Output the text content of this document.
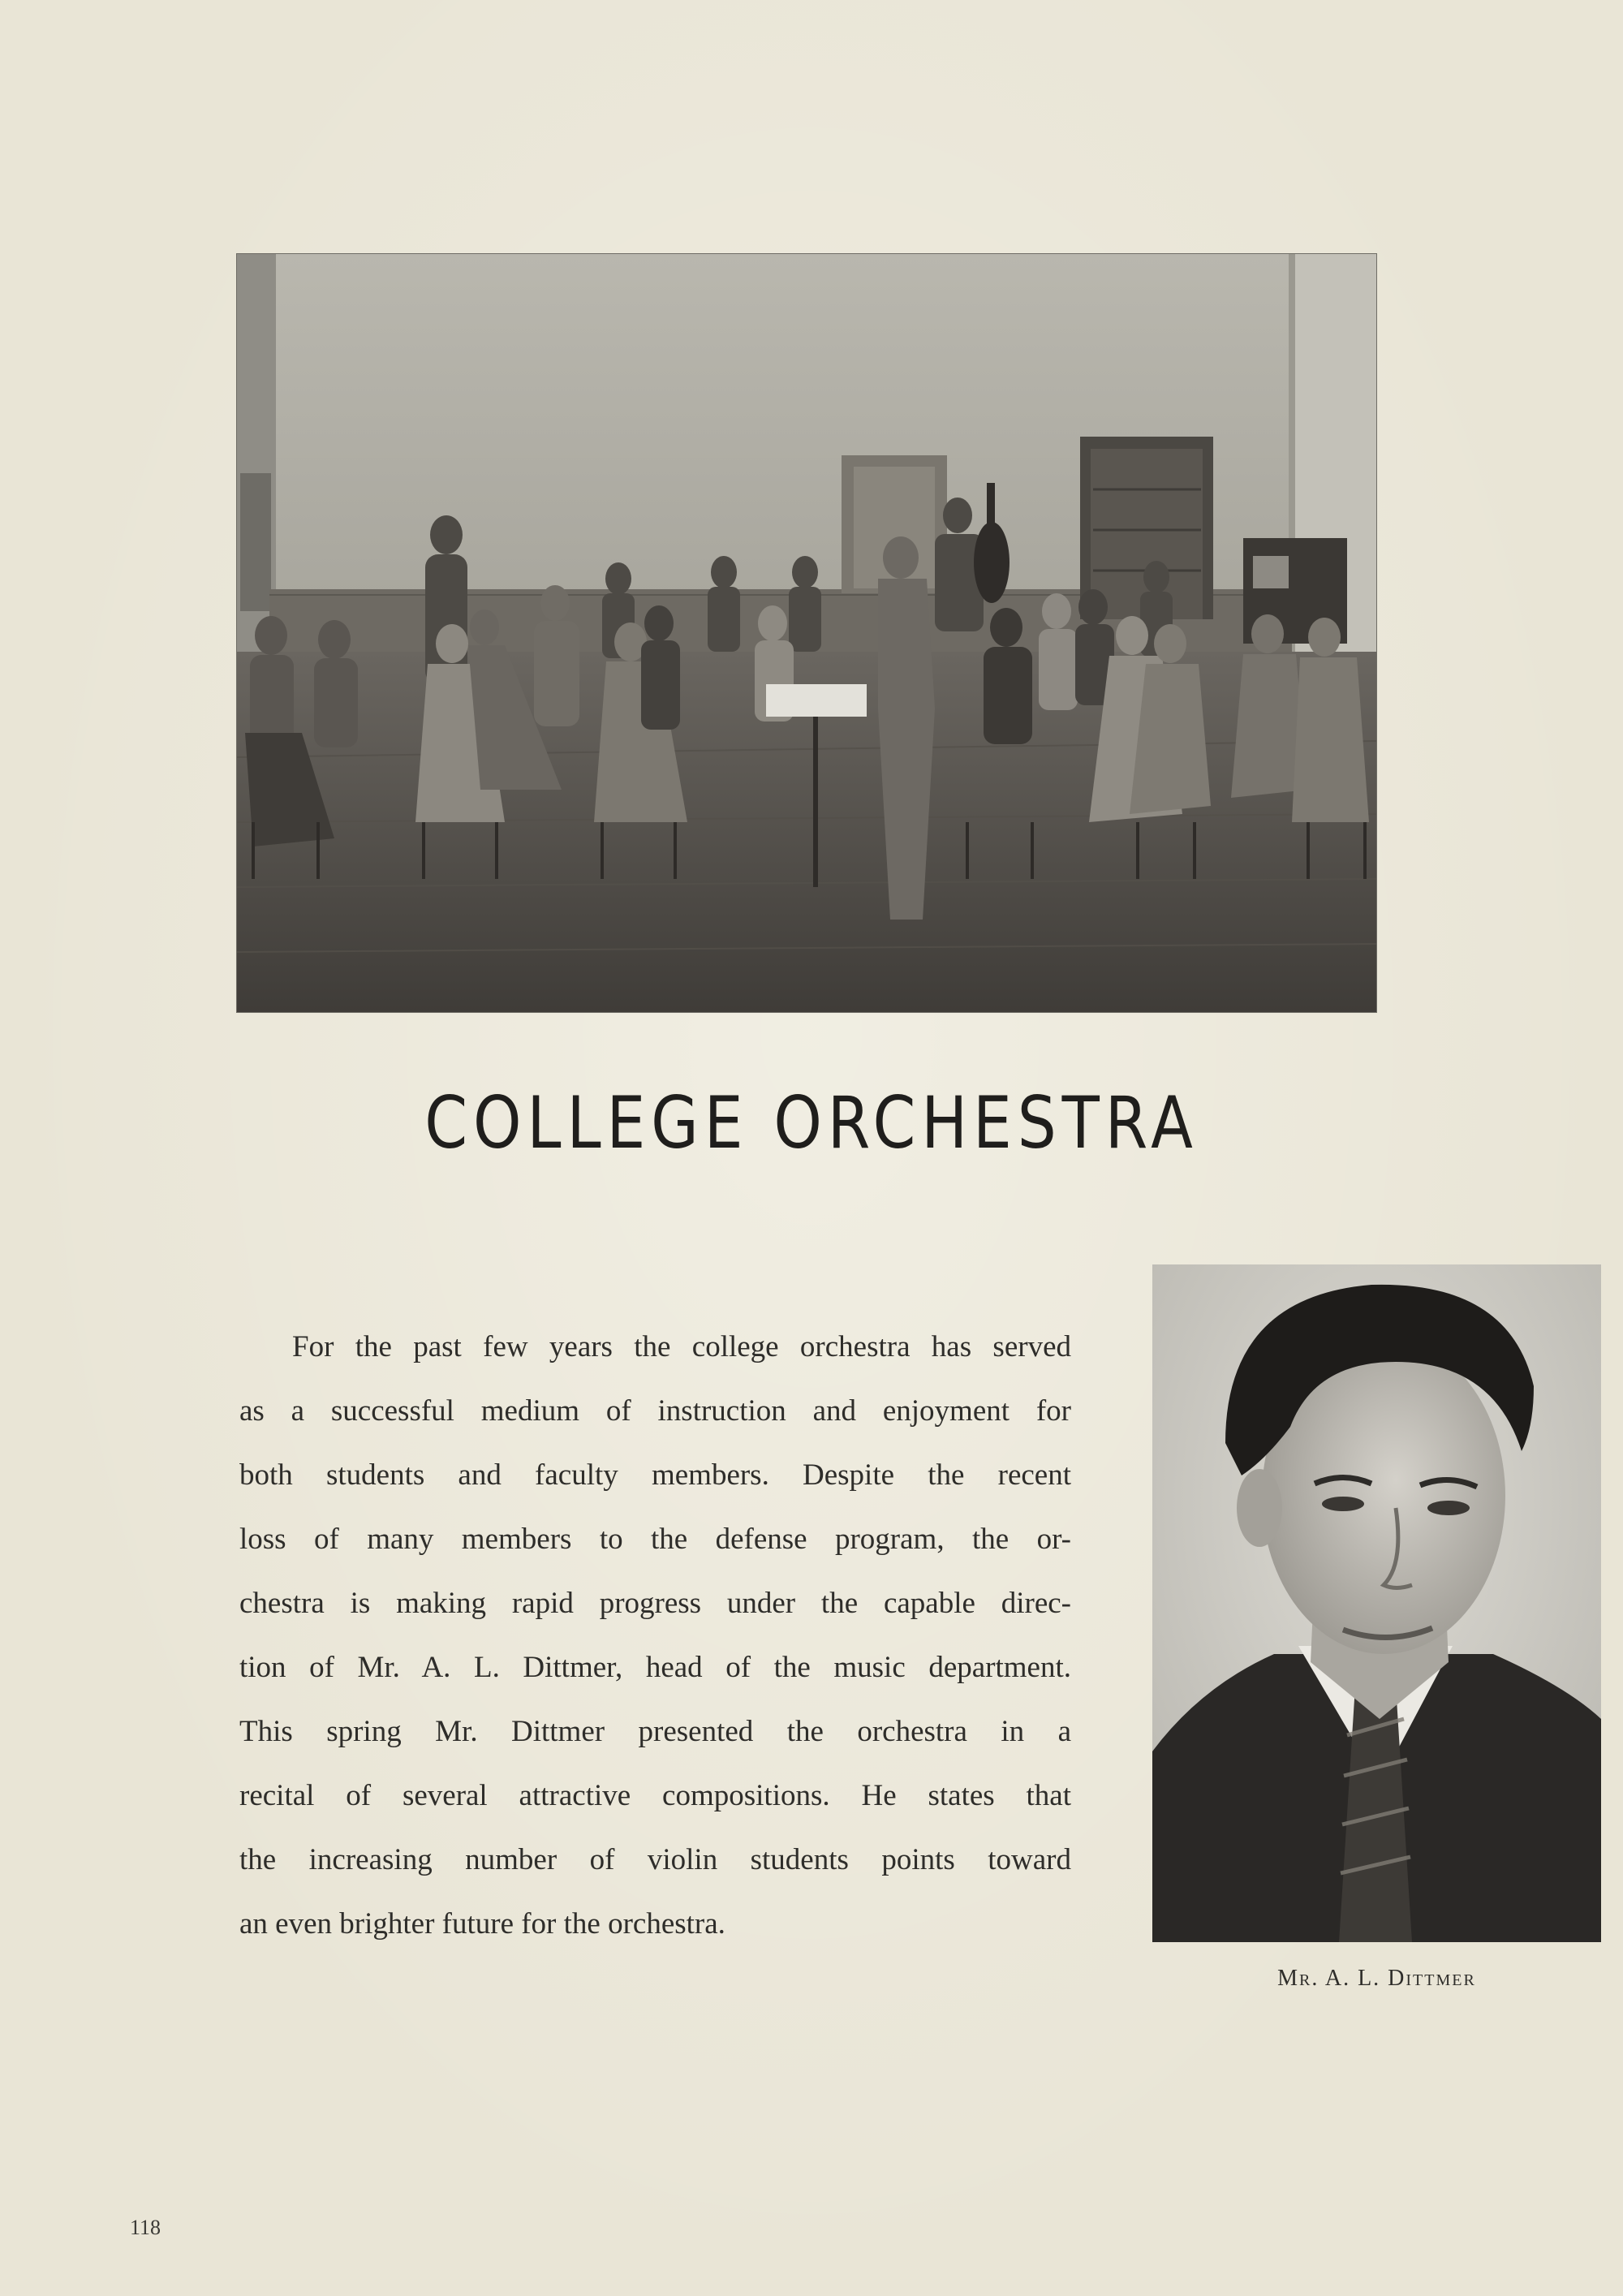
COLLEGE ORCHESTRA

For the past few years the college orchestra has served
as a successful medium of instruction and enjoyment for
both students and faculty members. Despite the recent
loss of many members to the defense program, the or-
chestra is making rapid progress under the capable direc-
tion of Mr. A. L. Dittmer, head of the music department.
This spring Mr. Dittmer presented the orchestra in a
recital of several attractive compositions. He states that
the increasing number of violin students points toward
an even brighter future for the orchestra.

Mr. A. L. Dittmer
118
